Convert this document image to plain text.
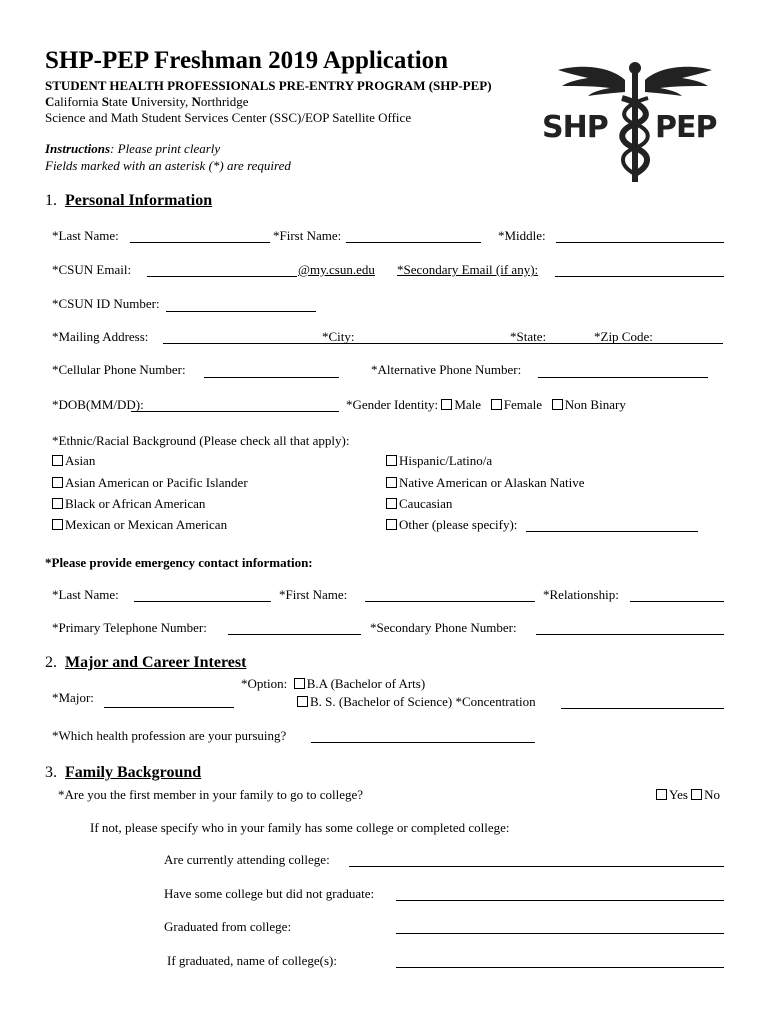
SHP-PEP Freshman 2019 Application
STUDENT HEALTH PROFESSIONALS PRE-ENTRY PROGRAM (SHP-PEP)
California State University, Northridge
Science and Math Student Services Center (SSC)/EOP Satellite Office
Instructions: Please print clearly
Fields marked with an asterisk (*) are required
SHP PEP
1. Personal Information
*Last Name:	*First Name:	*Middle:
*CSUN Email:	@my.csun.edu *Secondary Email (if any):
*CSUN ID Number:
*Mailing Address:	*City:	*State:	*Zip Code:
*Cellular Phone Number:	*Alternative Phone Number:
*DOB(MM/DD):	*Gender Identity: Male Female Non Binary
*Ethnic/Racial Background (Please check all that apply):
Asian
Asian American or Pacific Islander
Black or African American
Mexican or Mexican American
Hispanic/Latino/a
Native American or Alaskan Native
Caucasian
Other (please specify):
*Please provide emergency contact information:
*Last Name:	*First Name:	*Relationship:
*Primary Telephone Number:	*Secondary Phone Number:
2. Major and Career Interest
*Option: B.A (Bachelor of Arts)
*Major:	B. S. (Bachelor of Science) *Concentration
*Which health profession are your pursuing?
3. Family Background
*Are you the first member in your family to go to college?	Yes No
If not, please specify who in your family has some college or completed college:
Are currently attending college:
Have some college but did not graduate:
Graduated from college:
If graduated, name of college(s):
